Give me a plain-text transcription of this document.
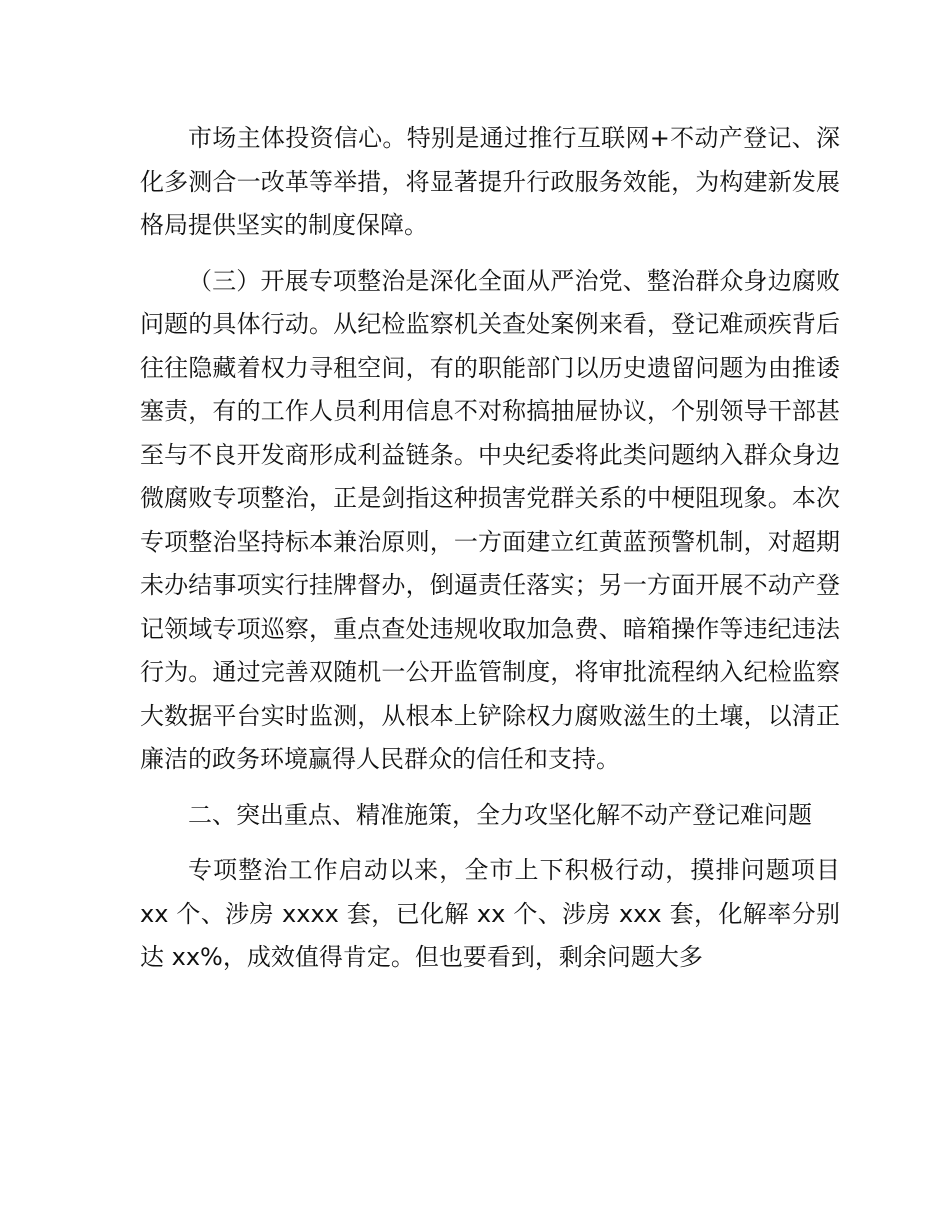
市场主体投资信心。特别是通过推行互联网+不动产登记、深化多测合一改革等举措，将显著提升行政服务效能，为构建新发展格局提供坚实的制度保障。

（三）开展专项整治是深化全面从严治党、整治群众身边腐败问题的具体行动。从纪检监察机关查处案例来看，登记难顽疾背后往往隐藏着权力寻租空间，有的职能部门以历史遗留问题为由推诿塞责，有的工作人员利用信息不对称搞抽屉协议，个别领导干部甚至与不良开发商形成利益链条。中央纪委将此类问题纳入群众身边微腐败专项整治，正是剑指这种损害党群关系的中梗阻现象。本次专项整治坚持标本兼治原则，一方面建立红黄蓝预警机制，对超期未办结事项实行挂牌督办，倒逼责任落实；另一方面开展不动产登记领域专项巡察，重点查处违规收取加急费、暗箱操作等违纪违法行为。通过完善双随机一公开监管制度，将审批流程纳入纪检监察大数据平台实时监测，从根本上铲除权力腐败滋生的土壤，以清正廉洁的政务环境赢得人民群众的信任和支持。

二、突出重点、精准施策，全力攻坚化解不动产登记难问题

专项整治工作启动以来，全市上下积极行动，摸排问题项目 xx 个、涉房 xxxx 套，已化解 xx 个、涉房 xxx 套，化解率分别达 xx%，成效值得肯定。但也要看到，剩余问题大多
